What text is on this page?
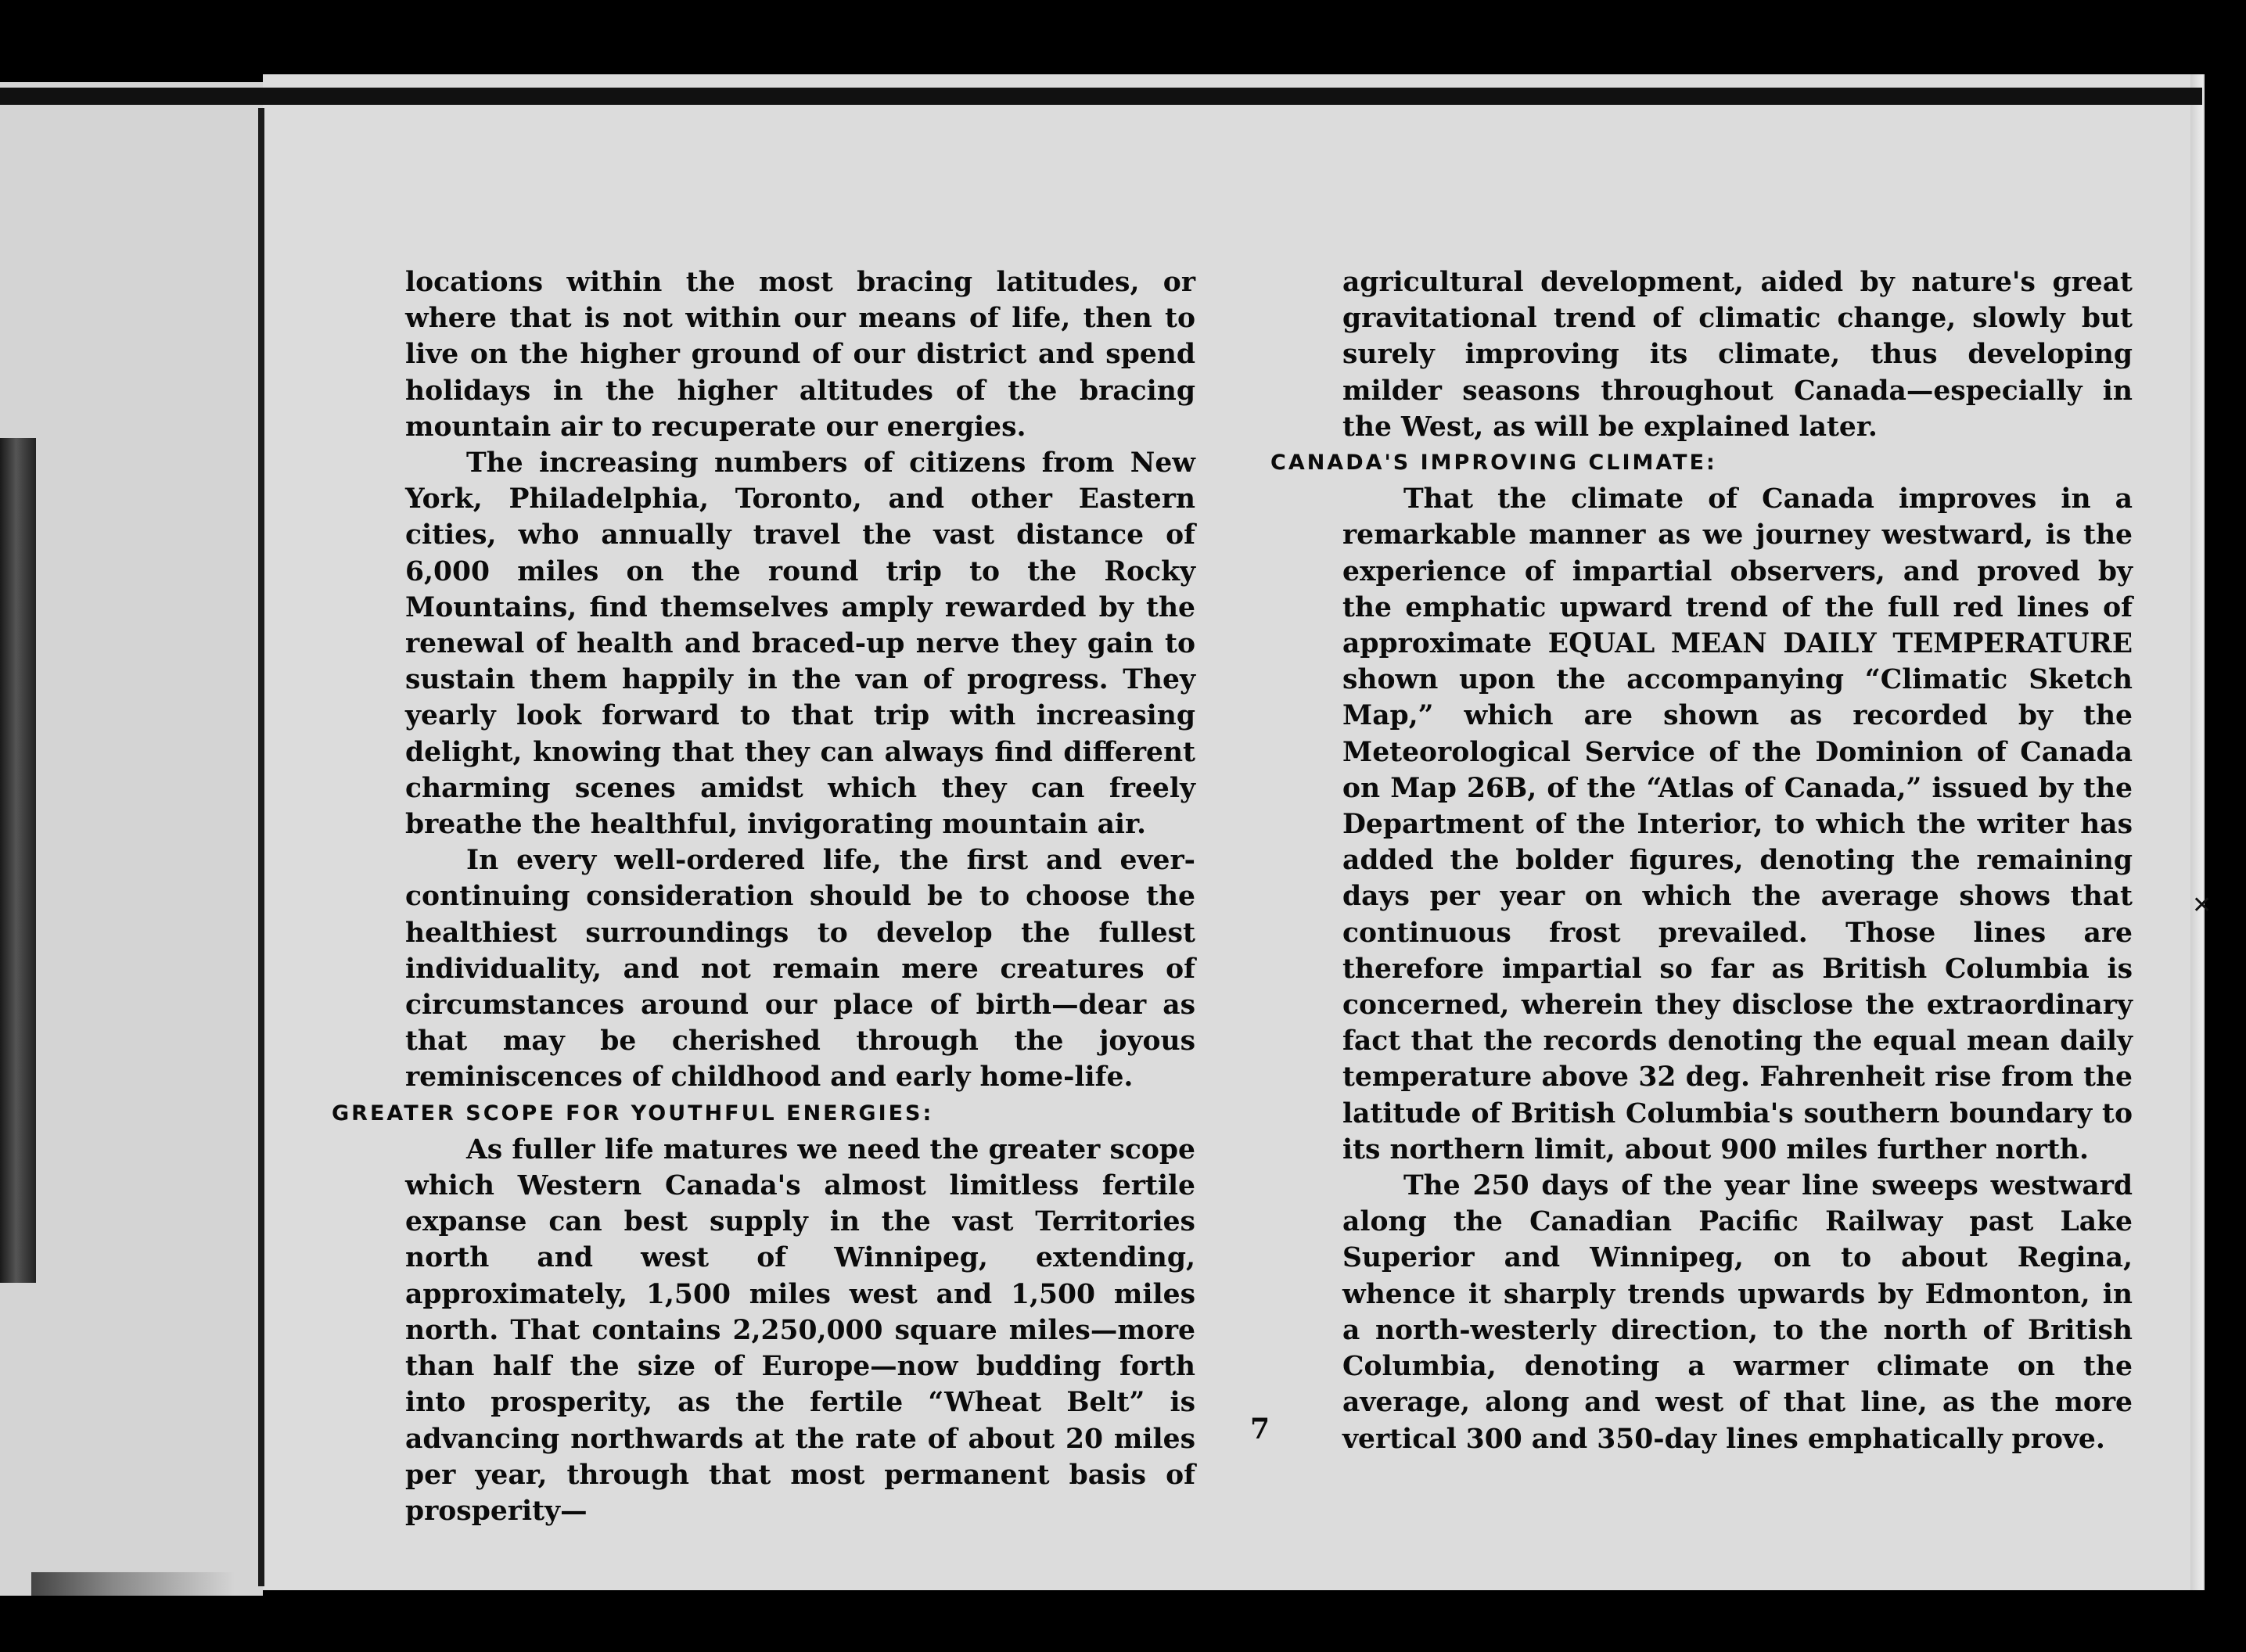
locations within the most bracing latitudes, or where that is not within our means of life, then to live on the higher ground of our district and spend holidays in the higher altitudes of the bracing mountain air to recuperate our energies.

The increasing numbers of citizens from New York, Philadelphia, Toronto, and other Eastern cities, who annually travel the vast distance of 6,000 miles on the round trip to the Rocky Mountains, find themselves amply rewarded by the renewal of health and braced-up nerve they gain to sustain them happily in the van of progress. They yearly look forward to that trip with increasing delight, knowing that they can always find different charming scenes amidst which they can freely breathe the healthful, invigorating mountain air.

In every well-ordered life, the first and ever-continuing consideration should be to choose the healthiest surroundings to develop the fullest individuality, and not remain mere creatures of circumstances around our place of birth—dear as that may be cherished through the joyous reminiscences of childhood and early home-life.

GREATER SCOPE FOR YOUTHFUL ENERGIES:

As fuller life matures we need the greater scope which Western Canada's almost limitless fertile expanse can best supply in the vast Territories north and west of Winnipeg, extending, approximately, 1,500 miles west and 1,500 miles north. That contains 2,250,000 square miles—more than half the size of Europe—now budding forth into prosperity, as the fertile “Wheat Belt” is advancing northwards at the rate of about 20 miles per year, through that most permanent basis of prosperity—

agricultural development, aided by nature's great gravitational trend of climatic change, slowly but surely improving its climate, thus developing milder seasons throughout Canada—especially in the West, as will be explained later.

CANADA'S IMPROVING CLIMATE:

That the climate of Canada improves in a remarkable manner as we journey westward, is the experience of impartial observers, and proved by the emphatic upward trend of the full red lines of approximate EQUAL MEAN DAILY TEMPERATURE shown upon the accompanying “Climatic Sketch Map,” which are shown as recorded by the Meteorological Service of the Dominion of Canada on Map 26B, of the “Atlas of Canada,” issued by the Department of the Interior, to which the writer has added the bolder figures, denoting the remaining days per year on which the average shows that continuous frost prevailed. Those lines are therefore impartial so far as British Columbia is concerned, wherein they disclose the extraordinary fact that the records denoting the equal mean daily temperature above 32 deg. Fahrenheit rise from the latitude of British Columbia's southern boundary to its northern limit, about 900 miles further north.

The 250 days of the year line sweeps westward along the Canadian Pacific Railway past Lake Superior and Winnipeg, on to about Regina, whence it sharply trends upwards by Edmonton, in a north-westerly direction, to the north of British Columbia, denoting a warmer climate on the average, along and west of that line, as the more vertical 300 and 350-day lines emphatically prove.

7
✕
